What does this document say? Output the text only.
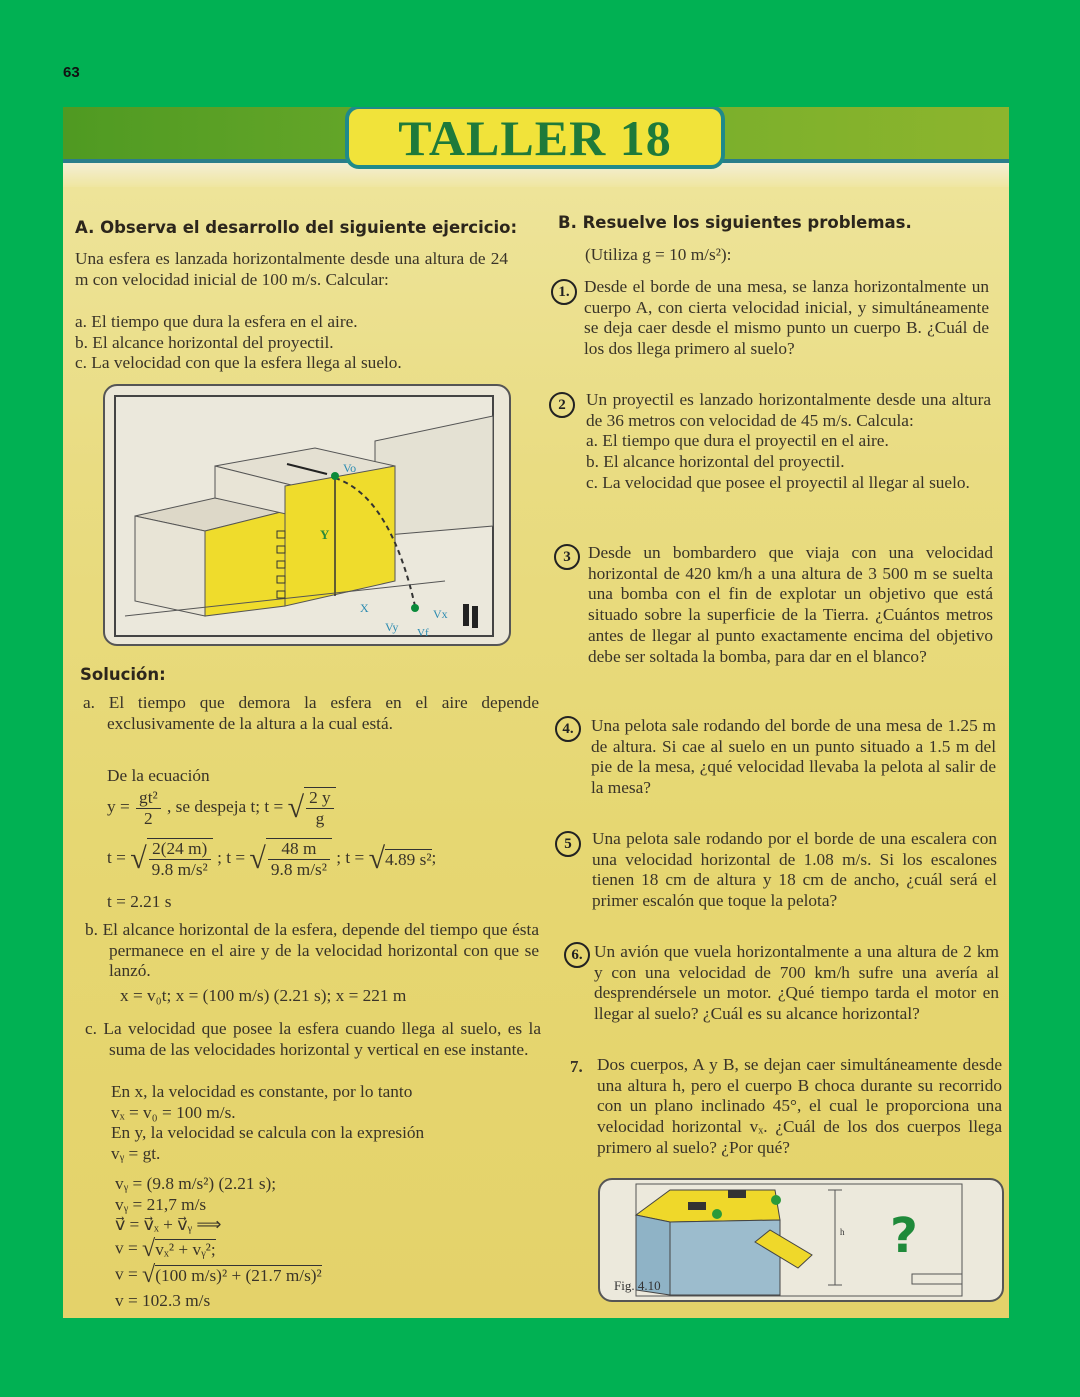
63
TALLER 18
A. Observa el desarrollo del siguiente ejercicio:
Una esfera es lanzada horizontalmente desde una altura de 24 m con velocidad inicial de 100 m/s. Calcular:
a. El tiempo que dura la esfera en el aire.
b. El alcance horizontal del proyectil.
c. La velocidad con que la esfera llega al suelo.
Vo
Y
X	Vx
Vy Vf
Solución:
a. El tiempo que demora la esfera en el aire depende exclusivamente de la altura a la cual está.
De la ecuación
$y = \frac{\text{gt²}}{2}$ , se despeja t; t = √ $\frac{2 y}{g}$
t = √ $\frac{2(24 m)}{\text{9.8 m/s²}}$ ; t = √ $\frac{48 m}{\text{9.8 m/s²}}$ ; t = √4.89 s²;
t = 2.21 s
b. El alcance horizontal de la esfera, depende del tiempo que ésta permanece en el aire y de la velocidad horizontal con que se lanzó.
x = v₀t; x = (100 m/s) (2.21 s); x = 221 m
c. La velocidad que posee la esfera cuando llega al suelo, es la suma de las velocidades horizontal y vertical en ese instante.
En x, la velocidad es constante, por lo tanto
vₓ = v₀ = 100 m/s.
En y, la velocidad se calcula con la expresión
vᵧ = gt.
vᵧ = (9.8 m/s²) (2.21 s);
vᵧ = 21,7 m/s
v⃗ = v⃗ₓ + v⃗ᵧ ⟹
v = √vₓ² + vᵧ²;
v = √(100 m/s)² + (21.7 m/s)²
v = 102.3 m/s
B. Resuelve los siguientes problemas.
(Utiliza g = 10 m/s²):
1. Desde el borde de una mesa, se lanza horizontalmente un cuerpo A, con cierta velocidad inicial, y simultáneamente se deja caer desde el mismo punto un cuerpo B. ¿Cuál de los dos llega primero al suelo?
2	Un proyectil es lanzado horizontalmente desde una altura de 36 metros con velocidad de 45 m/s. Calcula:
a. El tiempo que dura el proyectil en el aire.
b. El alcance horizontal del proyectil.
c. La velocidad que posee el proyectil al llegar al suelo.
3 Desde un bombardero que viaja con una velocidad horizontal de 420 km/h a una altura de 3 500 m se suelta una bomba con el fin de explotar un objetivo que está situado sobre la superficie de la Tierra. ¿Cuántos metros antes de llegar al punto exactamente encima del objetivo debe ser soltada la bomba, para dar en el blanco?
4.	Una pelota sale rodando del borde de una mesa de 1.25 m de altura. Si cae al suelo en un punto situado a 1.5 m del pie de la mesa, ¿qué velocidad llevaba la pelota al salir de la mesa?
5	Una pelota sale rodando por el borde de una escalera con una velocidad horizontal de 1.08 m/s. Si los escalones tienen 18 cm de altura y 18 cm de ancho, ¿cuál será el primer escalón que toque la pelota?
6. Un avión que vuela horizontalmente a una altura de 2 km y con una velocidad de 700 km/h sufre una avería al desprendérsele un motor. ¿Qué tiempo tarda el motor en llegar al suelo? ¿Cuál es su alcance horizontal?
7. Dos cuerpos, A y B, se dejan caer simultáneamente desde una altura h, pero el cuerpo B choca durante su recorrido con un plano inclinado 45°, el cual le proporciona una velocidad horizontal vₓ. ¿Cuál de los dos cuerpos llega primero al suelo? ¿Por qué?
h ?
Fig. 4.10
